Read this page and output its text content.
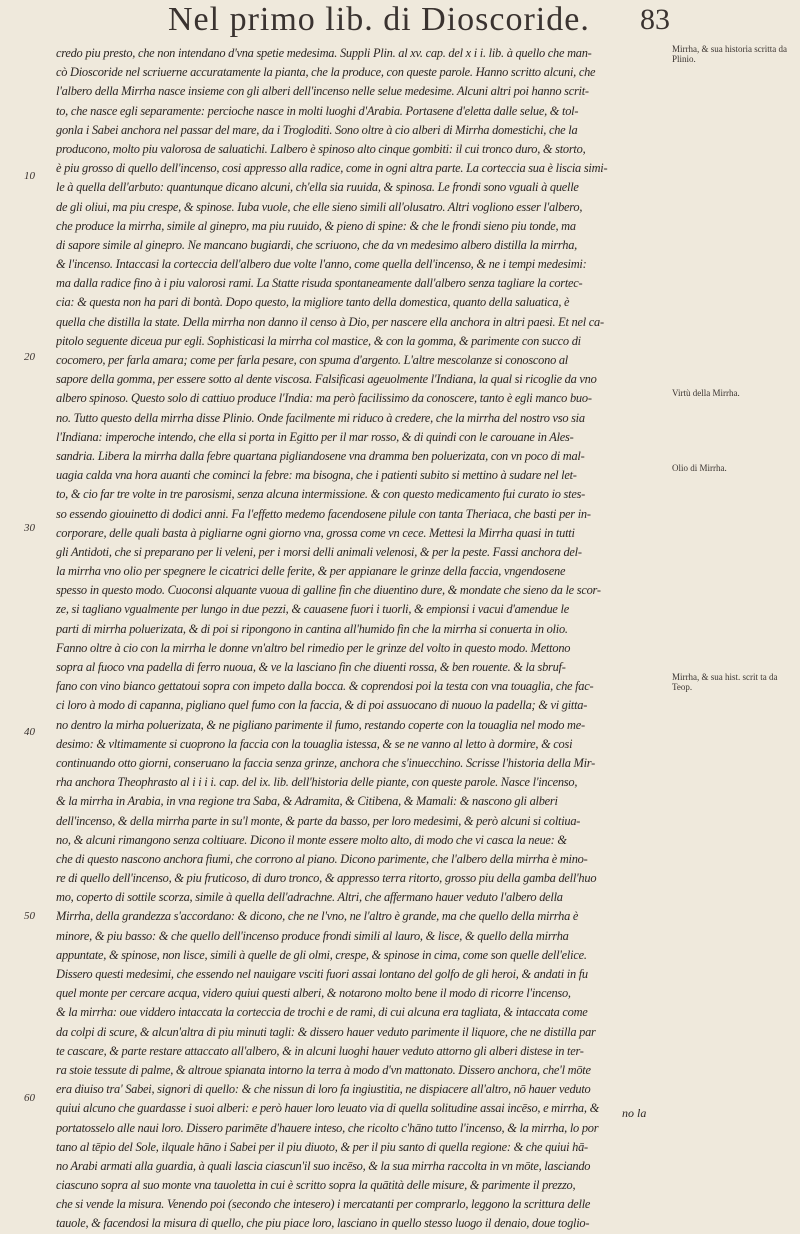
Nel primo lib. di Dioscoride.	83
10
20
30
40
50
60
credo piu presto, che non intendano d'vna spetie medesima. Suppli Plin. al xv. cap. del x i i. lib. à quello che man-
cò Dioscoride nel scriuerne accuratamente la pianta, che la produce, con queste parole. Hanno scritto alcuni, che
l'albero della Mirrha nasce insieme con gli alberi dell'incenso nelle selue medesime. Alcuni altri poi hanno scrit-
to, che nasce egli separamente: percioche nasce in molti luoghi d'Arabia. Portasene d'eletta dalle selue, & tol-
gonla i Sabei anchora nel passar del mare, da i Trogloditi. Sono oltre à cio alberi di Mirrha domestichi, che la
producono, molto piu valorosa de saluatichi. Lalbero è spinoso alto cinque gombiti: il cui tronco duro, & storto,
è piu grosso di quello dell'incenso, cosi appresso alla radice, come in ogni altra parte. La corteccia sua è liscia simi-
le à quella dell'arbuto: quantunque dicano alcuni, ch'ella sia ruuida, & spinosa. Le frondi sono vguali à quelle
de gli oliui, ma piu crespe, & spinose. Iuba vuole, che elle sieno simili all'olusatro. Altri vogliono esser l'albero,
che produce la mirrha, simile al ginepro, ma piu ruuido, & pieno di spine: & che le frondi sieno piu tonde, ma
di sapore simile al ginepro. Ne mancano bugiardi, che scriuono, che da vn medesimo albero distilla la mirrha,
& l'incenso. Intaccasi la corteccia dell'albero due volte l'anno, come quella dell'incenso, & ne i tempi medesimi:
ma dalla radice fino à i piu valorosi rami. La Statte risuda spontaneamente dall'albero senza tagliare la cortec-
cia: & questa non ha pari di bontà. Dopo questo, la migliore tanto della domestica, quanto della saluatica, è
quella che distilla la state. Della mirrha non danno il censo à Dio, per nascere ella anchora in altri paesi. Et nel ca-
pitolo seguente diceua pur egli. Sophisticasi la mirrha col mastice, & con la gomma, & parimente con succo di
cocomero, per farla amara; come per farla pesare, con spuma d'argento. L'altre mescolanze si conoscono al
sapore della gomma, per essere sotto al dente viscosa. Falsificasi ageuolmente l'Indiana, la qual si ricoglie da vno
albero spinoso. Questo solo di cattiuo produce l'India: ma però facilissimo da conoscere, tanto è egli manco buo-
no. Tutto questo della mirrha disse Plinio. Onde facilmente mi riduco à credere, che la mirrha del nostro vso sia
l'Indiana: imperoche intendo, che ella si porta in Egitto per il mar rosso, & di quindi con le carouane in Ales-
sandria. Libera la mirrha dalla febre quartana pigliandosene vna dramma ben poluerizata, con vn poco di mal-
uagia calda vna hora auanti che cominci la febre: ma bisogna, che i patienti subito si mettino à sudare nel let-
to, & cio far tre volte in tre parosismi, senza alcuna intermissione. & con questo medicamento fui curato io stes-
so essendo giouinetto di dodici anni. Fa l'effetto medemo facendosene pilule con tanta Theriaca, che basti per in-
corporare, delle quali basta à pigliarne ogni giorno vna, grossa come vn cece. Mettesi la Mirrha quasi in tutti
gli Antidoti, che si preparano per li veleni, per i morsi delli animali velenosi, & per la peste. Fassi anchora del-
la mirrha vno olio per spegnere le cicatrici delle ferite, & per appianare le grinze della faccia, vngendosene
spesso in questo modo. Cuoconsi alquante vuoua di galline fin che diuentino dure, & mondate che sieno da le scor-
ze, si tagliano vgualmente per lungo in due pezzi, & cauasene fuori i tuorli, & empionsi i vacui d'amendue le
parti di mirrha poluerizata, & di poi si ripongono in cantina all'humido fin che la mirrha si conuerta in olio.
Fanno oltre à cio con la mirrha le donne vn'altro bel rimedio per le grinze del volto in questo modo. Mettono
sopra al fuoco vna padella di ferro nuoua, & ve la lasciano fin che diuenti rossa, & ben rouente. & la sbruf-
fano con vino bianco gettatoui sopra con impeto dalla bocca. & coprendosi poi la testa con vna touaglia, che fac-
ci loro à modo di capanna, pigliano quel fumo con la faccia, & di poi assuocano di nuouo la padella; & vi gitta-
no dentro la mirha poluerizata, & ne pigliano parimente il fumo, restando coperte con la touaglia nel modo me-
desimo: & vltimamente si cuoprono la faccia con la touaglia istessa, & se ne vanno al letto à dormire, & cosi
continuando otto giorni, conseruano la faccia senza grinze, anchora che s'inuecchino. Scrisse l'historia della Mir-
rha anchora Theophrasto al i i i i. cap. del ix. lib. dell'historia delle piante, con queste parole. Nasce l'incenso,
& la mirrha in Arabia, in vna regione tra Saba, & Adramita, & Citibena, & Mamali: & nascono gli alberi
dell'incenso, & della mirrha parte in su'l monte, & parte da basso, per loro medesimi, & però alcuni si coltiua-
no, & alcuni rimangono senza coltiuare. Dicono il monte essere molto alto, di modo che vi casca la neue: &
che di questo nascono anchora fiumi, che corrono al piano. Dicono parimente, che l'albero della mirrha è mino-
re di quello dell'incenso, & piu fruticoso, di duro tronco, & appresso terra ritorto, grosso piu della gamba dell'huo
mo, coperto di sottile scorza, simile à quella dell'adrachne. Altri, che affermano hauer veduto l'albero della
Mirrha, della grandezza s'accordano: & dicono, che ne l'vno, ne l'altro è grande, ma che quello della mirrha è
minore, & piu basso: & che quello dell'incenso produce frondi simili al lauro, & lisce, & quello della mirrha
appuntate, & spinose, non lisce, simili à quelle de gli olmi, crespe, & spinose in cima, come son quelle dell'elice.
Dissero questi medesimi, che essendo nel nauigare vsciti fuori assai lontano del golfo de gli heroi, & andati in fu
quel monte per cercare acqua, videro quiui questi alberi, & notarono molto bene il modo di ricorre l'incenso,
& la mirrha: oue viddero intaccata la corteccia de trochi e de rami, di cui alcuna era tagliata, & intaccata come
da colpi di scure, & alcun'altra di piu minuti tagli: & dissero hauer veduto parimente il liquore, che ne distilla par
te cascare, & parte restare attaccato all'albero, & in alcuni luoghi hauer veduto attorno gli alberi distese in ter-
ra stoie tessute di palme, & altroue spianata intorno la terra à modo d'vn mattonato. Dissero anchora, che'l mōte
era diuiso tra' Sabei, signori di quello: & che nissun di loro fa ingiustitia, ne dispiacere all'altro, nō hauer veduto
quiui alcuno che guardasse i suoi alberi: e però hauer loro leuato via di quella solitudine assai incēso, e mirrha, &
portatosselo alle naui loro. Dissero parimēte d'hauere inteso, che ricolto c'hāno tutto l'incenso, & la mirrha, lo por
tano al tēpio del Sole, ilquale hāno i Sabei per il piu diuoto, & per il piu santo di quella regione: & che quiui hā-
no Arabi armati alla guardia, à quali lascia ciascun'il suo incēso, & la sua mirrha raccolta in vn mōte, lasciando
ciascuno sopra al suo monte vna tauoletta in cui è scritto sopra la quātità delle misure, & parimente il prezzo,
che si vende la misura. Venendo poi (secondo che intesero) i mercatanti per comprarlo, leggono la scrittura delle
tauole, & facendosi la misura di quello, che piu piace loro, lasciano in quello stesso luogo il denaio, doue toglio-
Mirrha, & sua historia scritta da Plinio.
Virtù della Mirrha.
Olio di Mirrha.
Mirrha, & sua hist. scrit ta da Teop.
no la
